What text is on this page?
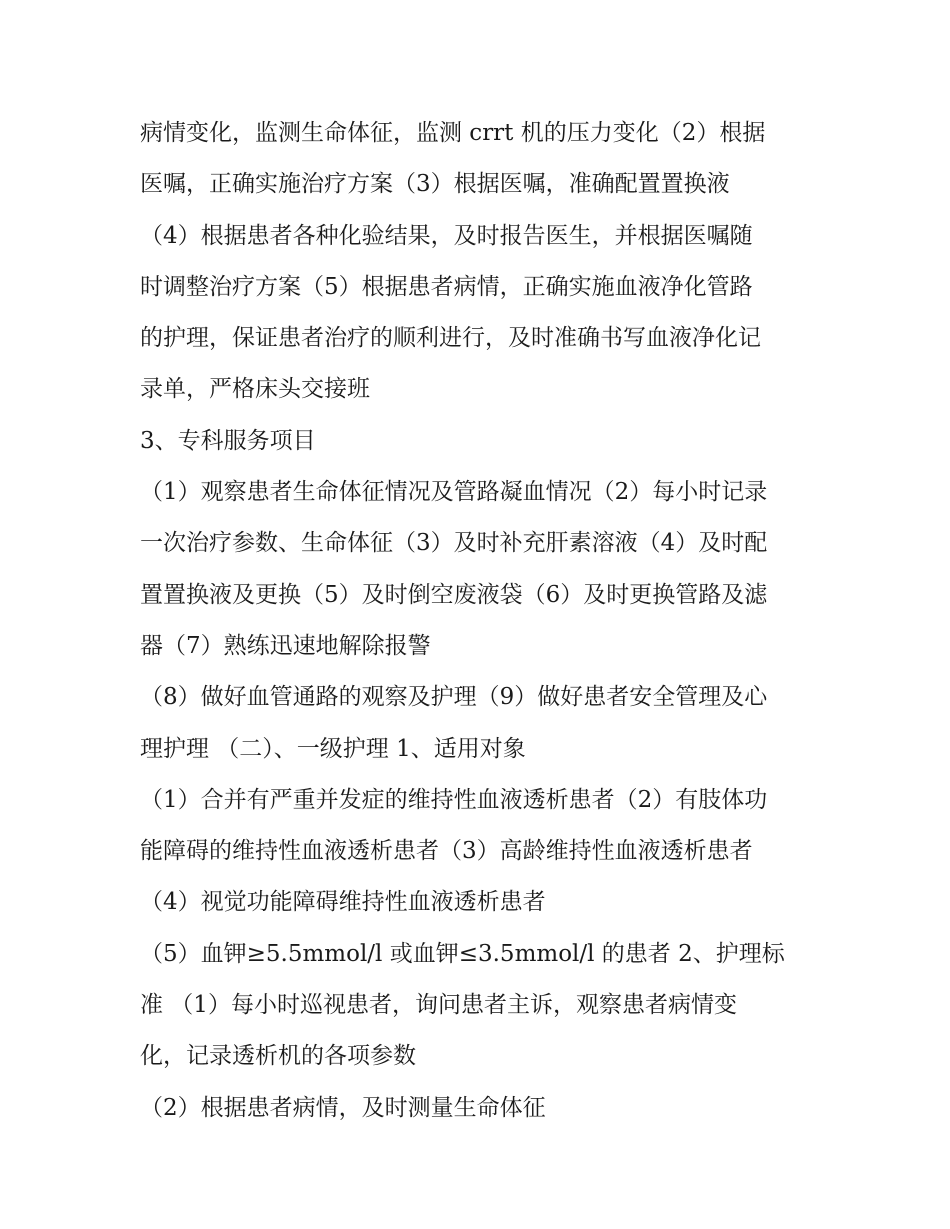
病情变化，监测生命体征，监测 crrt 机的压力变化（2）根据
医嘱，正确实施治疗方案（3）根据医嘱，准确配置置换液
（4）根据患者各种化验结果，及时报告医生，并根据医嘱随
时调整治疗方案（5）根据患者病情，正确实施血液净化管路
的护理，保证患者治疗的顺利进行，及时准确书写血液净化记
录单，严格床头交接班
3、专科服务项目
（1）观察患者生命体征情况及管路凝血情况（2）每小时记录
一次治疗参数、生命体征（3）及时补充肝素溶液（4）及时配
置置换液及更换（5）及时倒空废液袋（6）及时更换管路及滤
器（7）熟练迅速地解除报警
（8）做好血管通路的观察及护理（9）做好患者安全管理及心
理护理 （二）、一级护理 1、适用对象
（1）合并有严重并发症的维持性血液透析患者（2）有肢体功
能障碍的维持性血液透析患者（3）高龄维持性血液透析患者
（4）视觉功能障碍维持性血液透析患者
（5）血钾≥5.5mmol/l 或血钾≤3.5mmol/l 的患者 2、护理标
准 （1）每小时巡视患者，询问患者主诉，观察患者病情变
化，记录透析机的各项参数
（2）根据患者病情，及时测量生命体征
